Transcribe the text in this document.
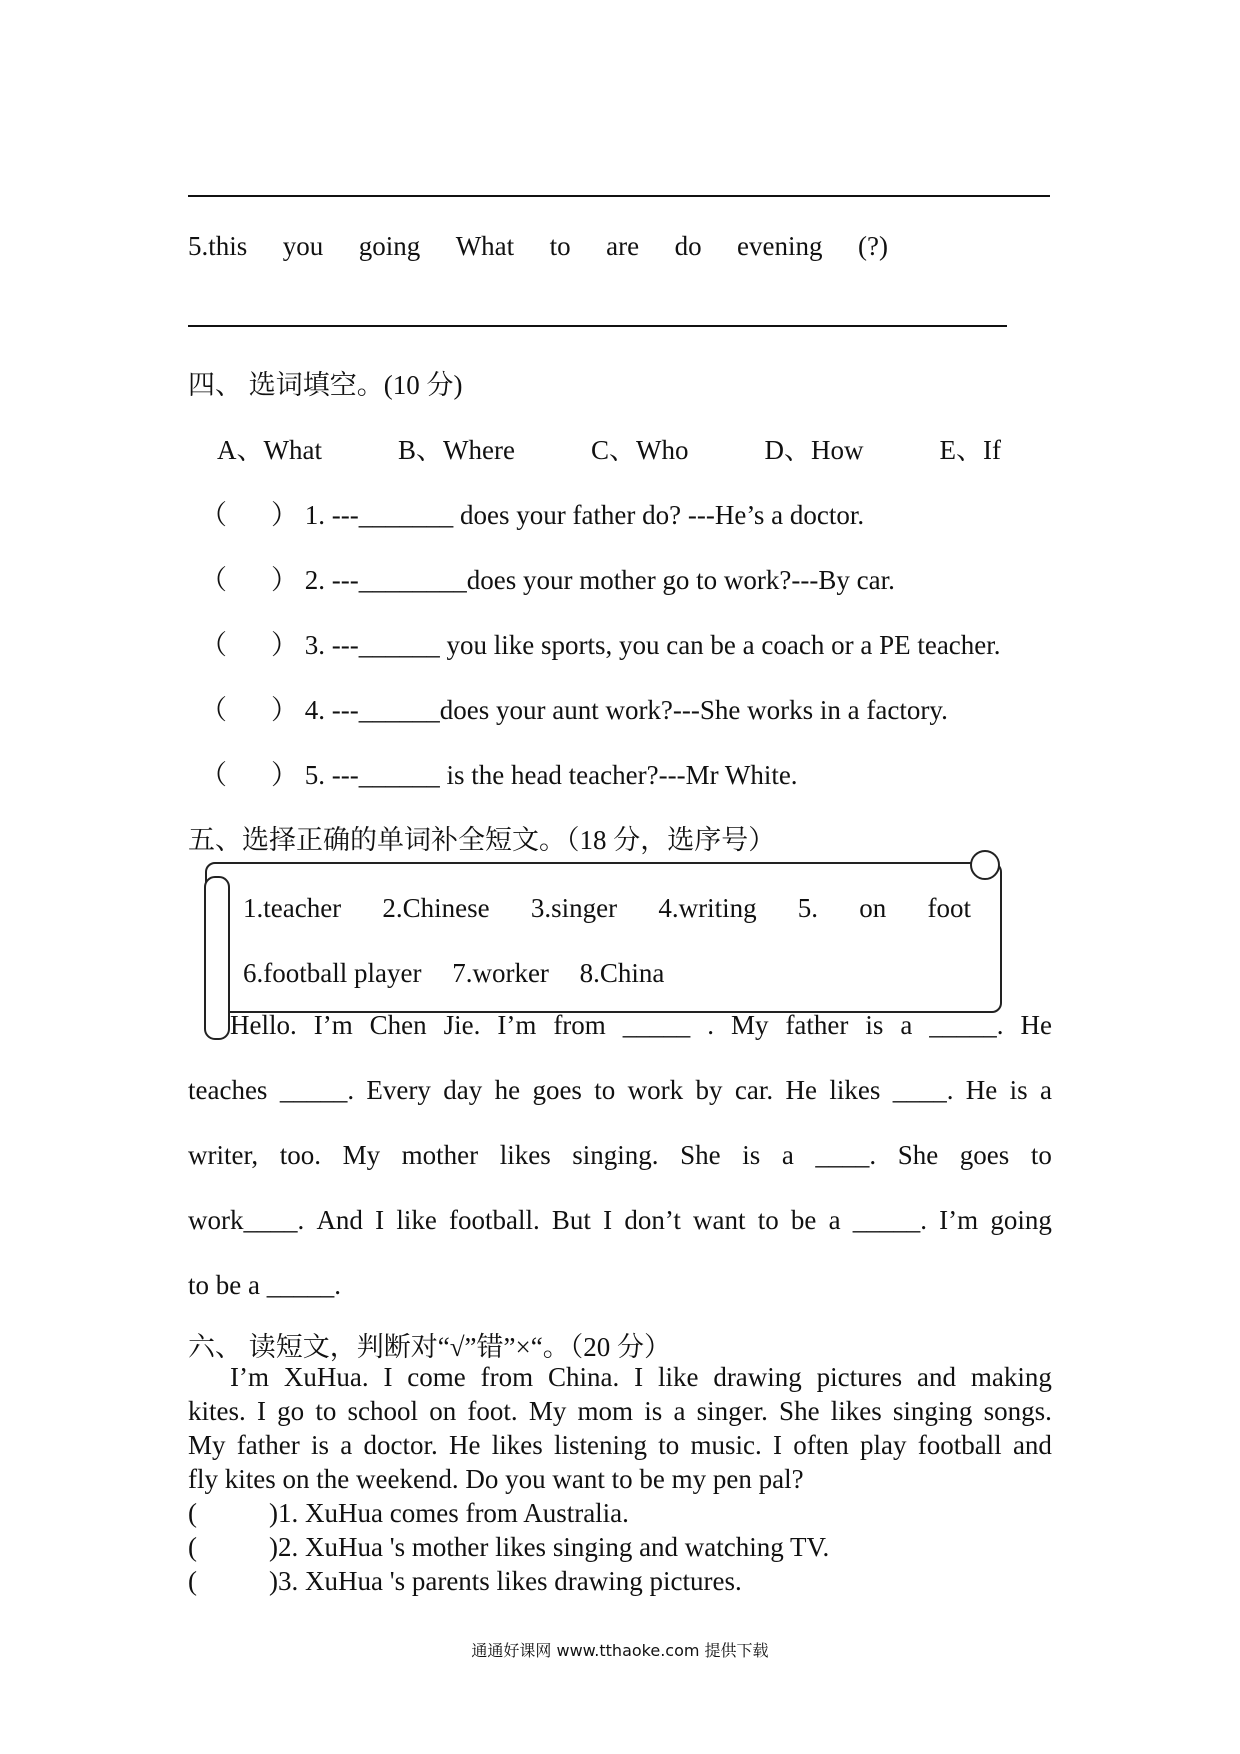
5.this you going What to are do evening (?)
四、 选词填空。(10 分)
A、What	B、Where	C、Who	D、How	E、If
（ ） 1. ---_______ does your father do? ---He’s a doctor.
（ ） 2. ---________does your mother go to work?---By car.
（ ） 3. ---______ you like sports, you can be a coach or a PE teacher.
（ ） 4. ---______does your aunt work?---She works in a factory.
（ ） 5. ---______ is the head teacher?---Mr White.
五、选择正确的单词补全短文。（18 分，选序号）
1.teacher 2.Chinese 3.singer 4.writing 5. on foot
6.football player 7.worker 8.China
Hello. I’m Chen Jie. I’m from _____ . My father is a _____. He
teaches _____. Every day he goes to work by car. He likes ____. He is a
writer, too. My mother likes singing. She is a ____. She goes to
work____. And I like football. But I don’t want to be a _____. I’m going
to be a _____.
六、 读短文，判断对“√”错”×“。（20 分）
I’m XuHua. I come from China. I like drawing pictures and making
kites. I go to school on foot. My mom is a singer. She likes singing songs.
My father is a doctor. He likes listening to music. I often play football and
fly kites on the weekend. Do you want to be my pen pal?
(	)1. XuHua comes from Australia.
(	)2. XuHua 's mother likes singing and watching TV.
(	)3. XuHua 's parents likes drawing pictures.
通通好课网 www.tthaoke.com 提供下载
